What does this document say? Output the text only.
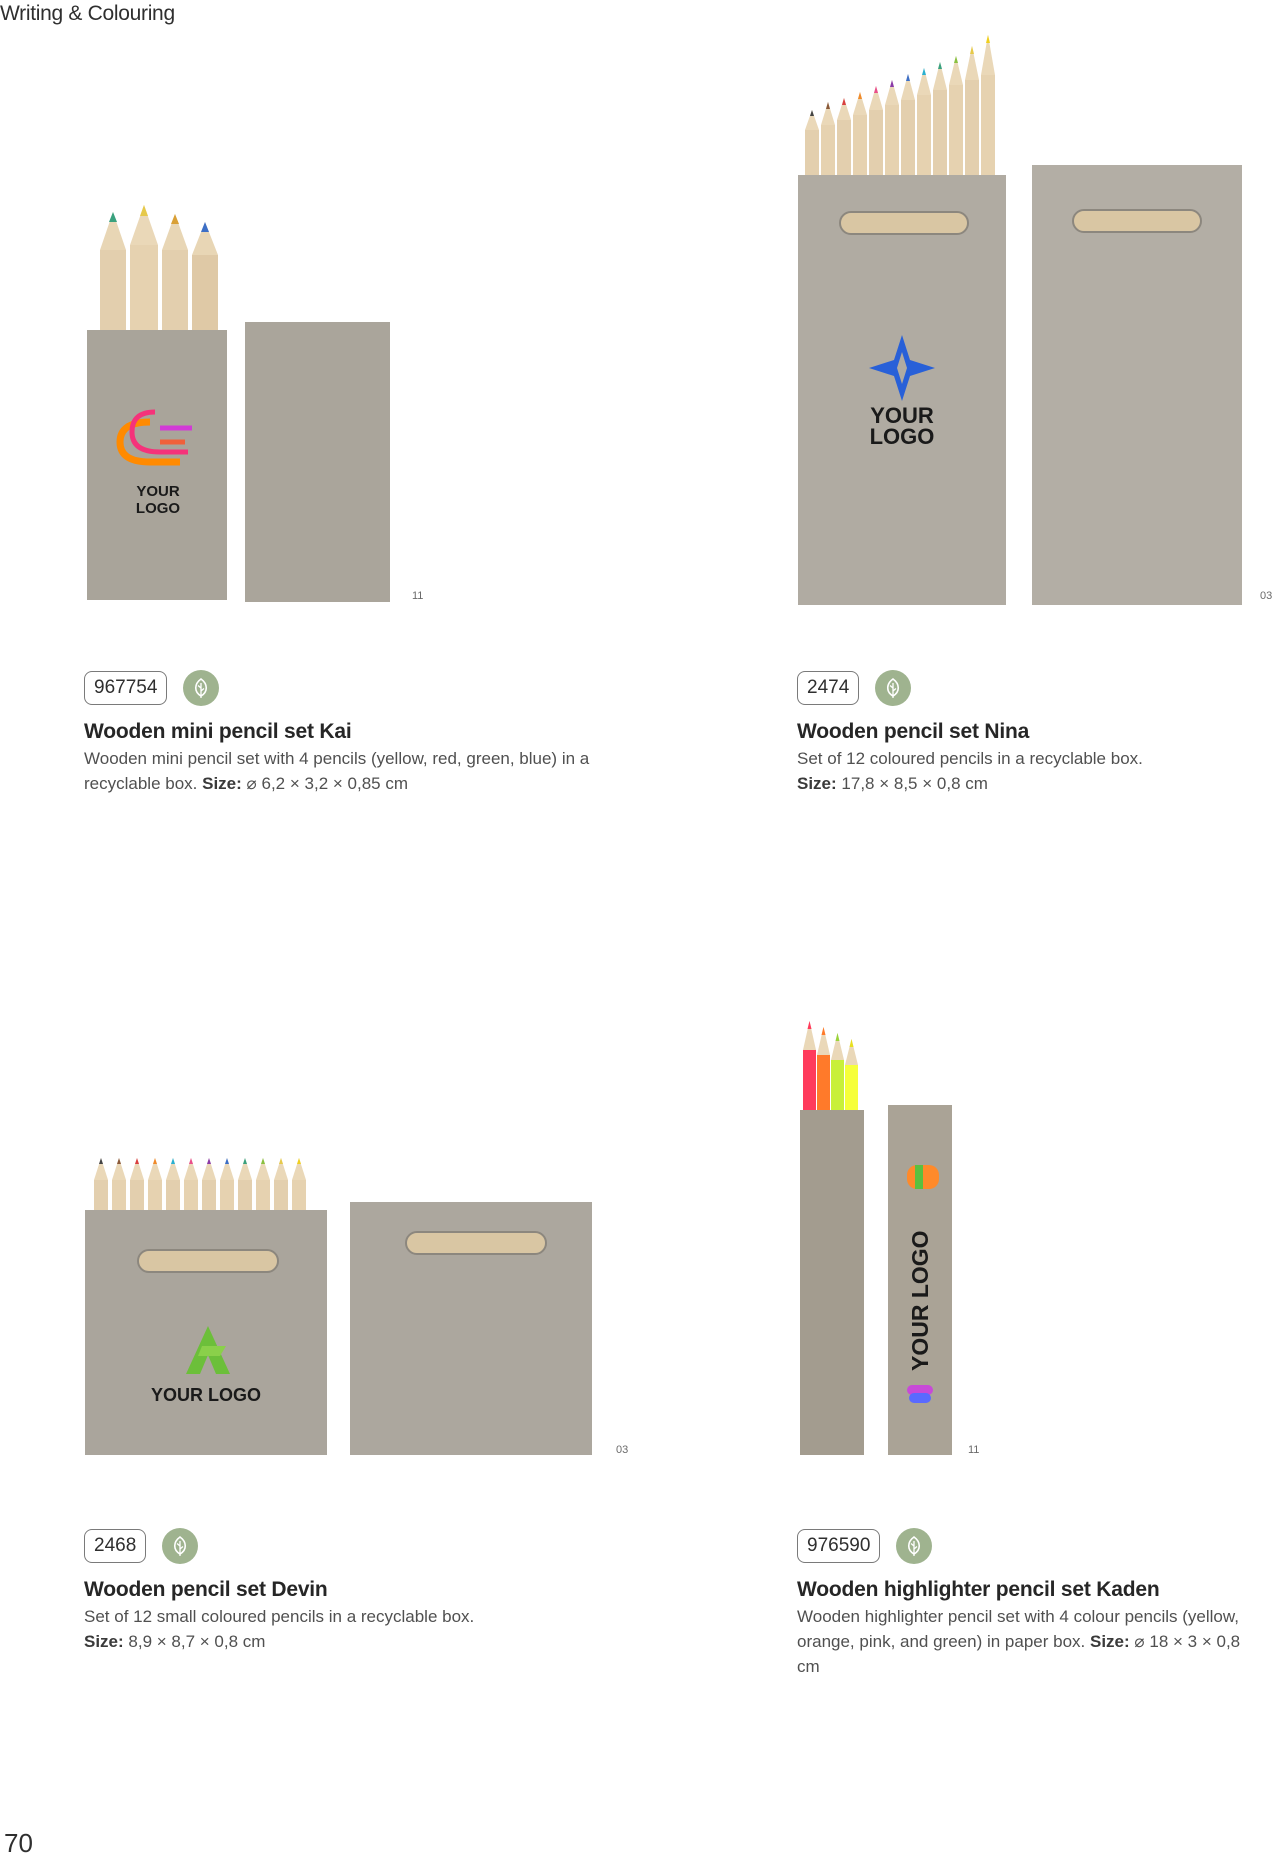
Writing & Colouring
YOUR
LOGO
11
967754
Wooden mini pencil set Kai
Wooden mini pencil set with 4 pencils (yellow, red, green, blue) in a recyclable box. Size: ⌀ 6,2 × 3,2 × 0,85 cm
YOUR
LOGO
03
2474
Wooden pencil set Nina
Set of 12 coloured pencils in a recyclable box. Size: 17,8 × 8,5 × 0,8 cm
YOUR LOGO
03
2468
Wooden pencil set Devin
Set of 12 small coloured pencils in a recyclable box. Size: 8,9 × 8,7 × 0,8 cm
YOUR LOGO
11
976590
Wooden highlighter pencil set Kaden
Wooden highlighter pencil set with 4 colour pencils (yellow, orange, pink, and green) in paper box. Size: ⌀ 18 × 3 × 0,8 cm
70
